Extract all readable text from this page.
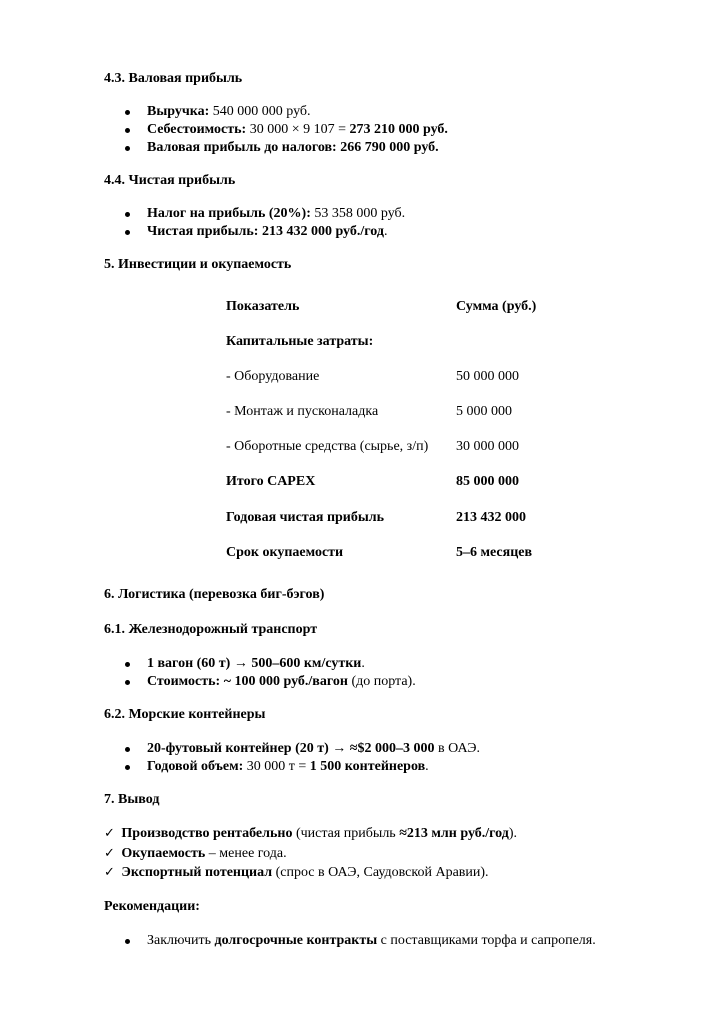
4.3. Валовая прибыль
Выручка: 540 000 000 руб.
Себестоимость: 30 000 × 9 107 = 273 210 000 руб.
Валовая прибыль до налогов: 266 790 000 руб.
4.4. Чистая прибыль
Налог на прибыль (20%): 53 358 000 руб.
Чистая прибыль: 213 432 000 руб./год.
5. Инвестиции и окупаемость
Показатель	Сумма (руб.)
Капитальные затраты:
- Оборудование	50 000 000
- Монтаж и пусконаладка	5 000 000
- Оборотные средства (сырье, з/п) 30 000 000
Итого CAPEX	85 000 000
Годовая чистая прибыль	213 432 000
Срок окупаемости	5–6 месяцев
6. Логистика (перевозка биг-бэгов)
6.1. Железнодорожный транспорт
1 вагон (60 т) → 500–600 км/сутки.
Стоимость: ~ 100 000 руб./вагон (до порта).
6.2. Морские контейнеры
20-футовый контейнер (20 т) → ≈$2 000–3 000 в ОАЭ.
Годовой объем: 30 000 т = 1 500 контейнеров.
7. Вывод
✓ Производство рентабельно (чистая прибыль ≈213 млн руб./год).
✓ Окупаемость – менее года.
✓ Экспортный потенциал (спрос в ОАЭ, Саудовской Аравии).
Рекомендации:
Заключить долгосрочные контракты с поставщиками торфа и сапропеля.
